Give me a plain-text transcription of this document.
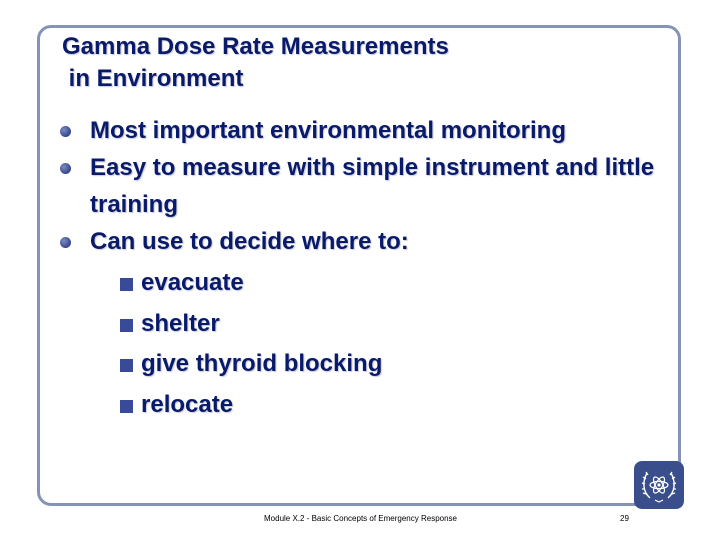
Gamma Dose Rate Measurements
in Environment
Most important environmental monitoring
Easy to measure with simple instrument and little training
Can use to decide where to:
evacuate
shelter
give thyroid blocking
relocate
Module X.2 - Basic Concepts of Emergency Response	29
